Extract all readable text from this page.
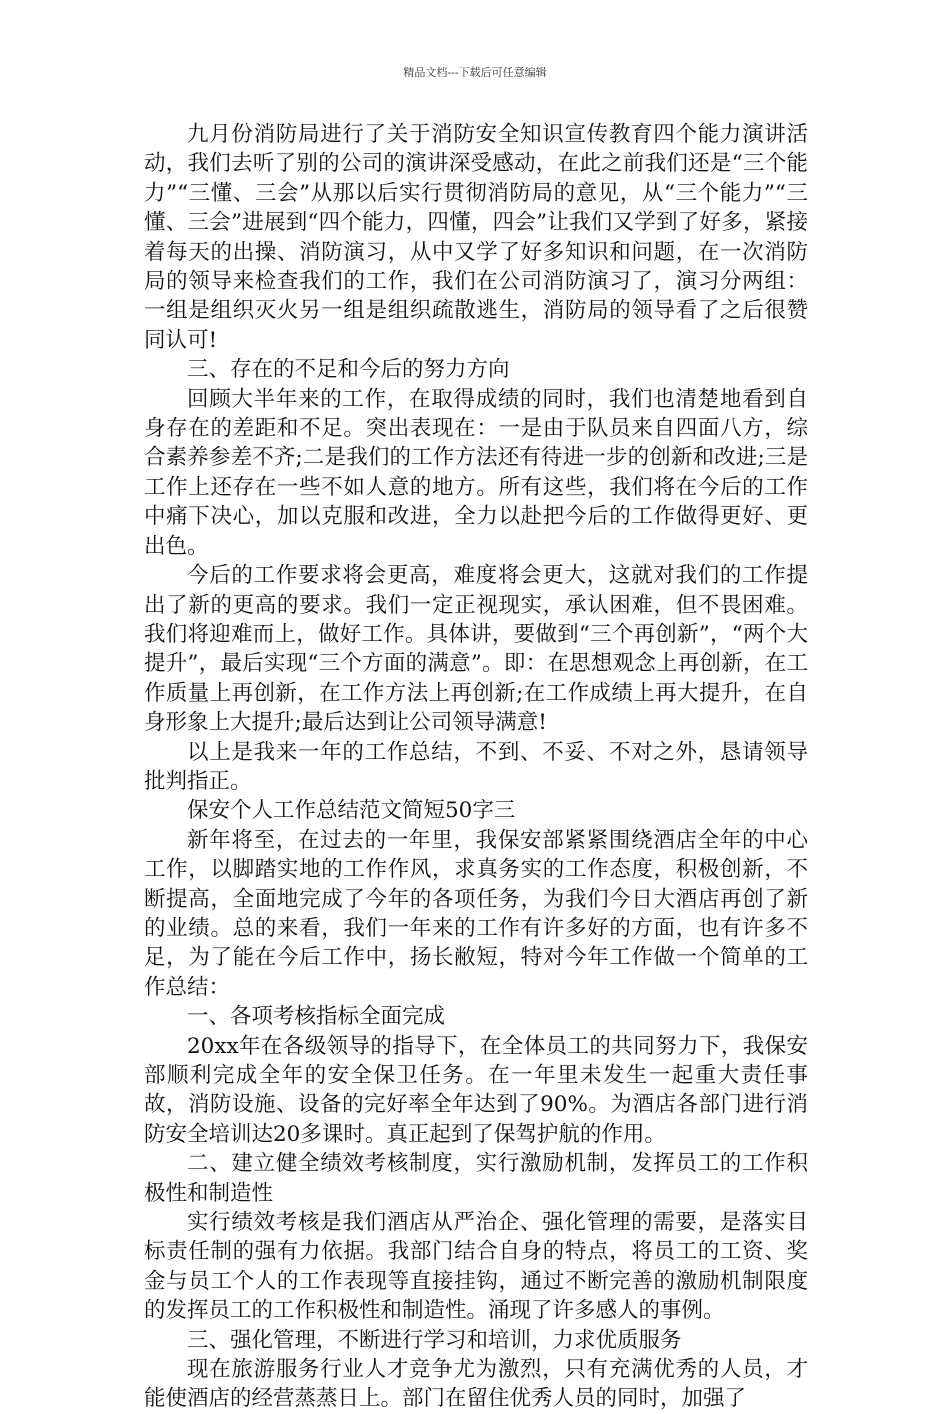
精品文档---下载后可任意编辑

九月份消防局进行了关于消防安全知识宣传教育四个能力演讲活动，我们去听了别的公司的演讲深受感动，在此之前我们还是“三个能力”“三懂、三会”从那以后实行贯彻消防局的意见，从“三个能力”“三懂、三会”进展到“四个能力，四懂，四会”让我们又学到了好多，紧接着每天的出操、消防演习，从中又学了好多知识和问题，在一次消防局的领导来检查我们的工作，我们在公司消防演习了，演习分两组：一组是组织灭火另一组是组织疏散逃生，消防局的领导看了之后很赞同认可!

三、存在的不足和今后的努力方向

回顾大半年来的工作，在取得成绩的同时，我们也清楚地看到自身存在的差距和不足。突出表现在：一是由于队员来自四面八方，综合素养参差不齐;二是我们的工作方法还有待进一步的创新和改进;三是工作上还存在一些不如人意的地方。所有这些，我们将在今后的工作中痛下决心，加以克服和改进，全力以赴把今后的工作做得更好、更出色。

今后的工作要求将会更高，难度将会更大，这就对我们的工作提出了新的更高的要求。我们一定正视现实，承认困难，但不畏困难。我们将迎难而上，做好工作。具体讲，要做到“三个再创新”，“两个大提升”，最后实现“三个方面的满意”。即：在思想观念上再创新，在工作质量上再创新，在工作方法上再创新;在工作成绩上再大提升，在自身形象上大提升;最后达到让公司领导满意!

以上是我来一年的工作总结，不到、不妥、不对之外，恳请领导批判指正。

保安个人工作总结范文简短50字三

新年将至，在过去的一年里，我保安部紧紧围绕酒店全年的中心工作，以脚踏实地的工作作风，求真务实的工作态度，积极创新，不断提高，全面地完成了今年的各项任务，为我们今日大酒店再创了新的业绩。总的来看，我们一年来的工作有许多好的方面，也有许多不足，为了能在今后工作中，扬长敝短，特对今年工作做一个简单的工作总结：

一、各项考核指标全面完成

20xx年在各级领导的指导下，在全体员工的共同努力下，我保安部顺利完成全年的安全保卫任务。在一年里未发生一起重大责任事故，消防设施、设备的完好率全年达到了90%。为酒店各部门进行消防安全培训达20多课时。真正起到了保驾护航的作用。

二、建立健全绩效考核制度，实行激励机制，发挥员工的工作积极性和制造性

实行绩效考核是我们酒店从严治企、强化管理的需要，是落实目标责任制的强有力依据。我部门结合自身的特点，将员工的工资、奖金与员工个人的工作表现等直接挂钩，通过不断完善的激励机制限度的发挥员工的工作积极性和制造性。涌现了许多感人的事例。

三、强化管理，不断进行学习和培训，力求优质服务

现在旅游服务行业人才竞争尤为激烈，只有充满优秀的人员，才能使酒店的经营蒸蒸日上。部门在留住优秀人员的同时，加强了
